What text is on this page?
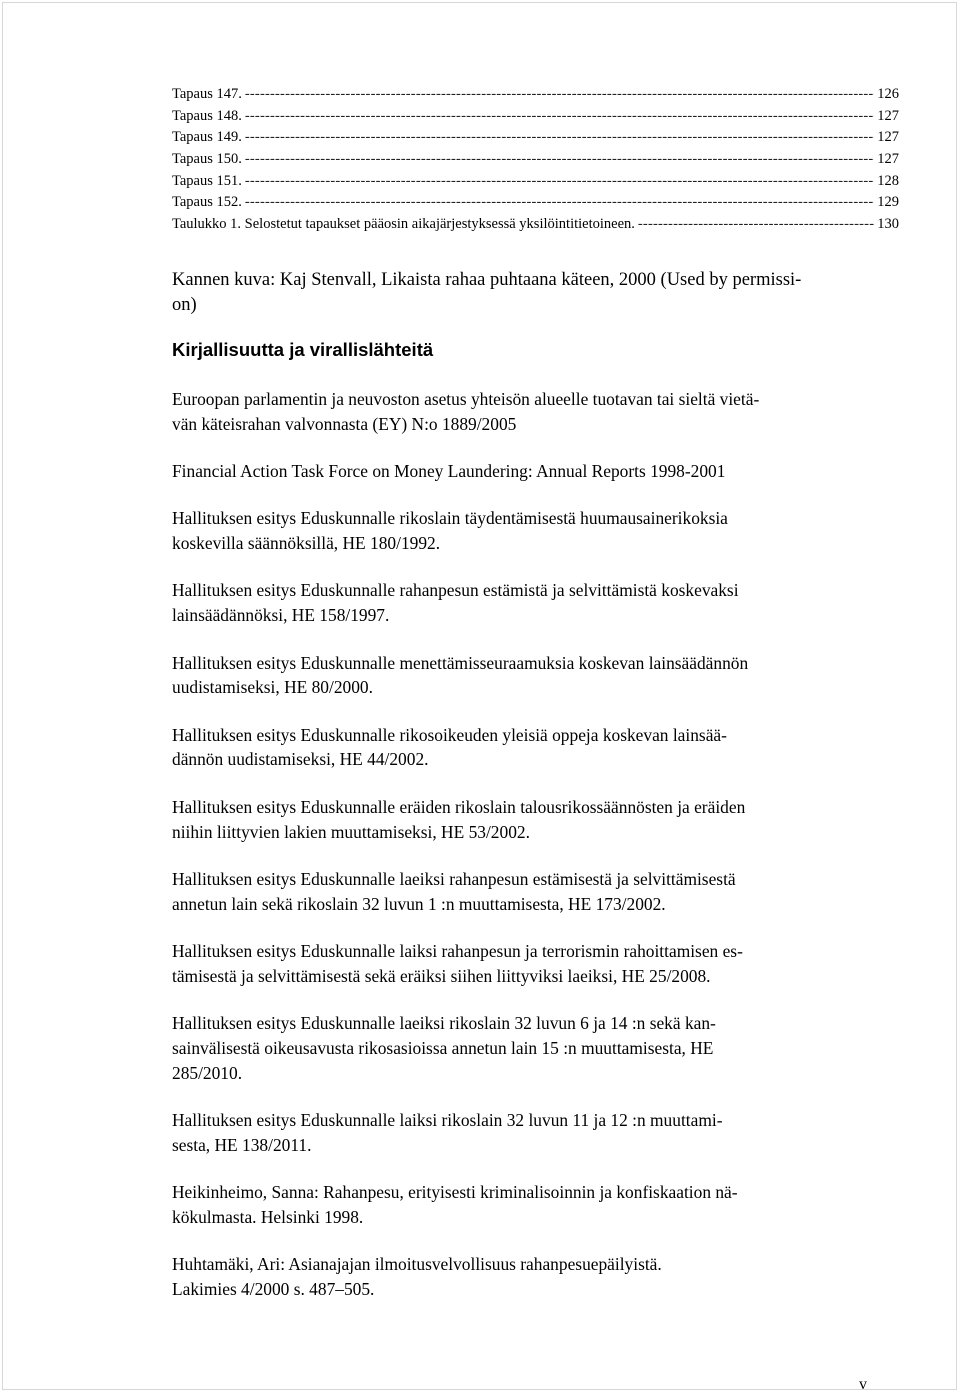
Tapaus 147. -----	126
Tapaus 148. -----	127
Tapaus 149. -----	127
Tapaus 150. -----	127
Tapaus 151. -----	128
Tapaus 152. -----	129
Taulukko 1. Selostetut tapaukset pääosin aikajärjestyksessä yksilöintitietoineen. -----	130
Kannen kuva: Kaj Stenvall, Likaista rahaa puhtaana käteen, 2000 (Used by permissi-
on)
Kirjallisuutta ja virallislähteitä
Euroopan parlamentin ja neuvoston asetus yhteisön alueelle tuotavan tai sieltä vietä-
vän käteisrahan valvonnasta (EY) N:o 1889/2005
Financial Action Task Force on Money Laundering: Annual Reports 1998-2001
Hallituksen esitys Eduskunnalle rikoslain täydentämisestä huumausainerikoksia
koskevilla säännöksillä, HE 180/1992.
Hallituksen esitys Eduskunnalle rahanpesun estämistä ja selvittämistä koskevaksi
lainsäädännöksi, HE 158/1997.
Hallituksen esitys Eduskunnalle menettämisseuraamuksia koskevan lainsäädännön
uudistamiseksi, HE 80/2000.
Hallituksen esitys Eduskunnalle rikosoikeuden yleisiä oppeja koskevan lainsää-
dännön uudistamiseksi, HE 44/2002.
Hallituksen esitys Eduskunnalle eräiden rikoslain talousrikossäännösten ja eräiden
niihin liittyvien lakien muuttamiseksi, HE 53/2002.
Hallituksen esitys Eduskunnalle laeiksi rahanpesun estämisestä ja selvittämisestä
annetun lain sekä rikoslain 32 luvun 1 :n muuttamisesta, HE 173/2002.
Hallituksen esitys Eduskunnalle laiksi rahanpesun ja terrorismin rahoittamisen es-
tämisestä ja selvittämisestä sekä eräiksi siihen liittyviksi laeiksi, HE 25/2008.
Hallituksen esitys Eduskunnalle laeiksi rikoslain 32 luvun 6 ja 14 :n sekä kan-
sainvälisestä oikeusavusta rikosasioissa annetun lain 15 :n muuttamisesta, HE
285/2010.
Hallituksen esitys Eduskunnalle laiksi rikoslain 32 luvun 11 ja 12 :n muuttami-
sesta, HE 138/2011.
Heikinheimo, Sanna: Rahanpesu, erityisesti kriminalisoinnin ja konfiskaation nä-
kökulmasta. Helsinki 1998.
Huhtamäki, Ari: Asianajajan ilmoitusvelvollisuus rahanpesuepäilyistä.
Lakimies 4/2000 s. 487–505.
v
